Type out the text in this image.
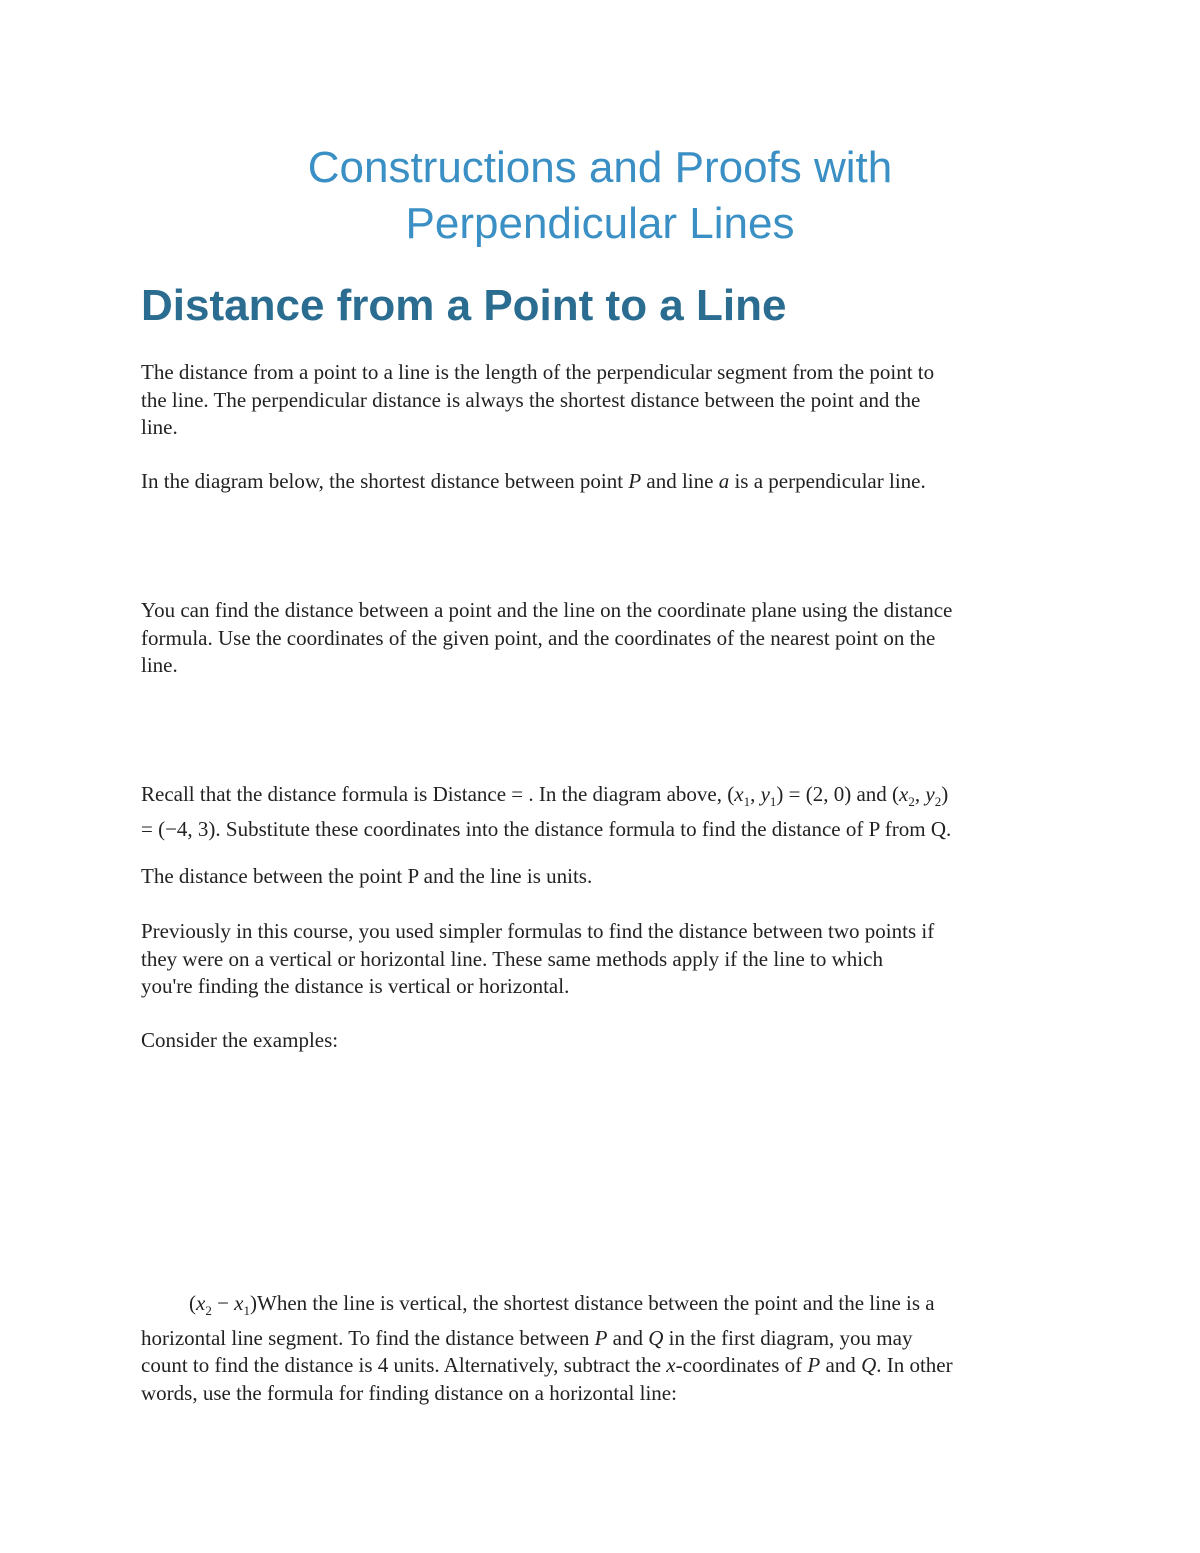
Constructions and Proofs with
Perpendicular Lines
Distance from a Point to a Line

The distance from a point to a line is the length of the perpendicular segment from the point to
the line. The perpendicular distance is always the shortest distance between the point and the
line.

In the diagram below, the shortest distance between point P and line a is a perpendicular line.

You can find the distance between a point and the line on the coordinate plane using the distance
formula. Use the coordinates of the given point, and the coordinates of the nearest point on the
line.

Recall that the distance formula is Distance = . In the diagram above, ($x_1$, $y_1) = (2$, 0) and ($x_2$, $y_2$)
= (−4, 3). Substitute these coordinates into the distance formula to find the distance of P from Q.

The distance between the point P and the line is units.

Previously in this course, you used simpler formulas to find the distance between two points if
they were on a vertical or horizontal line. These same methods apply if the line to which
you're finding the distance is vertical or horizontal.

Consider the examples:

($x_2$ − $x_1)When$ the line is vertical, the shortest distance between the point and the line is a
horizontal line segment. To find the distance between P and Q in the first diagram, you may
count to find the distance is 4 units. Alternatively, subtract the x-coordinates of P and Q. In other
words, use the formula for finding distance on a horizontal line:
